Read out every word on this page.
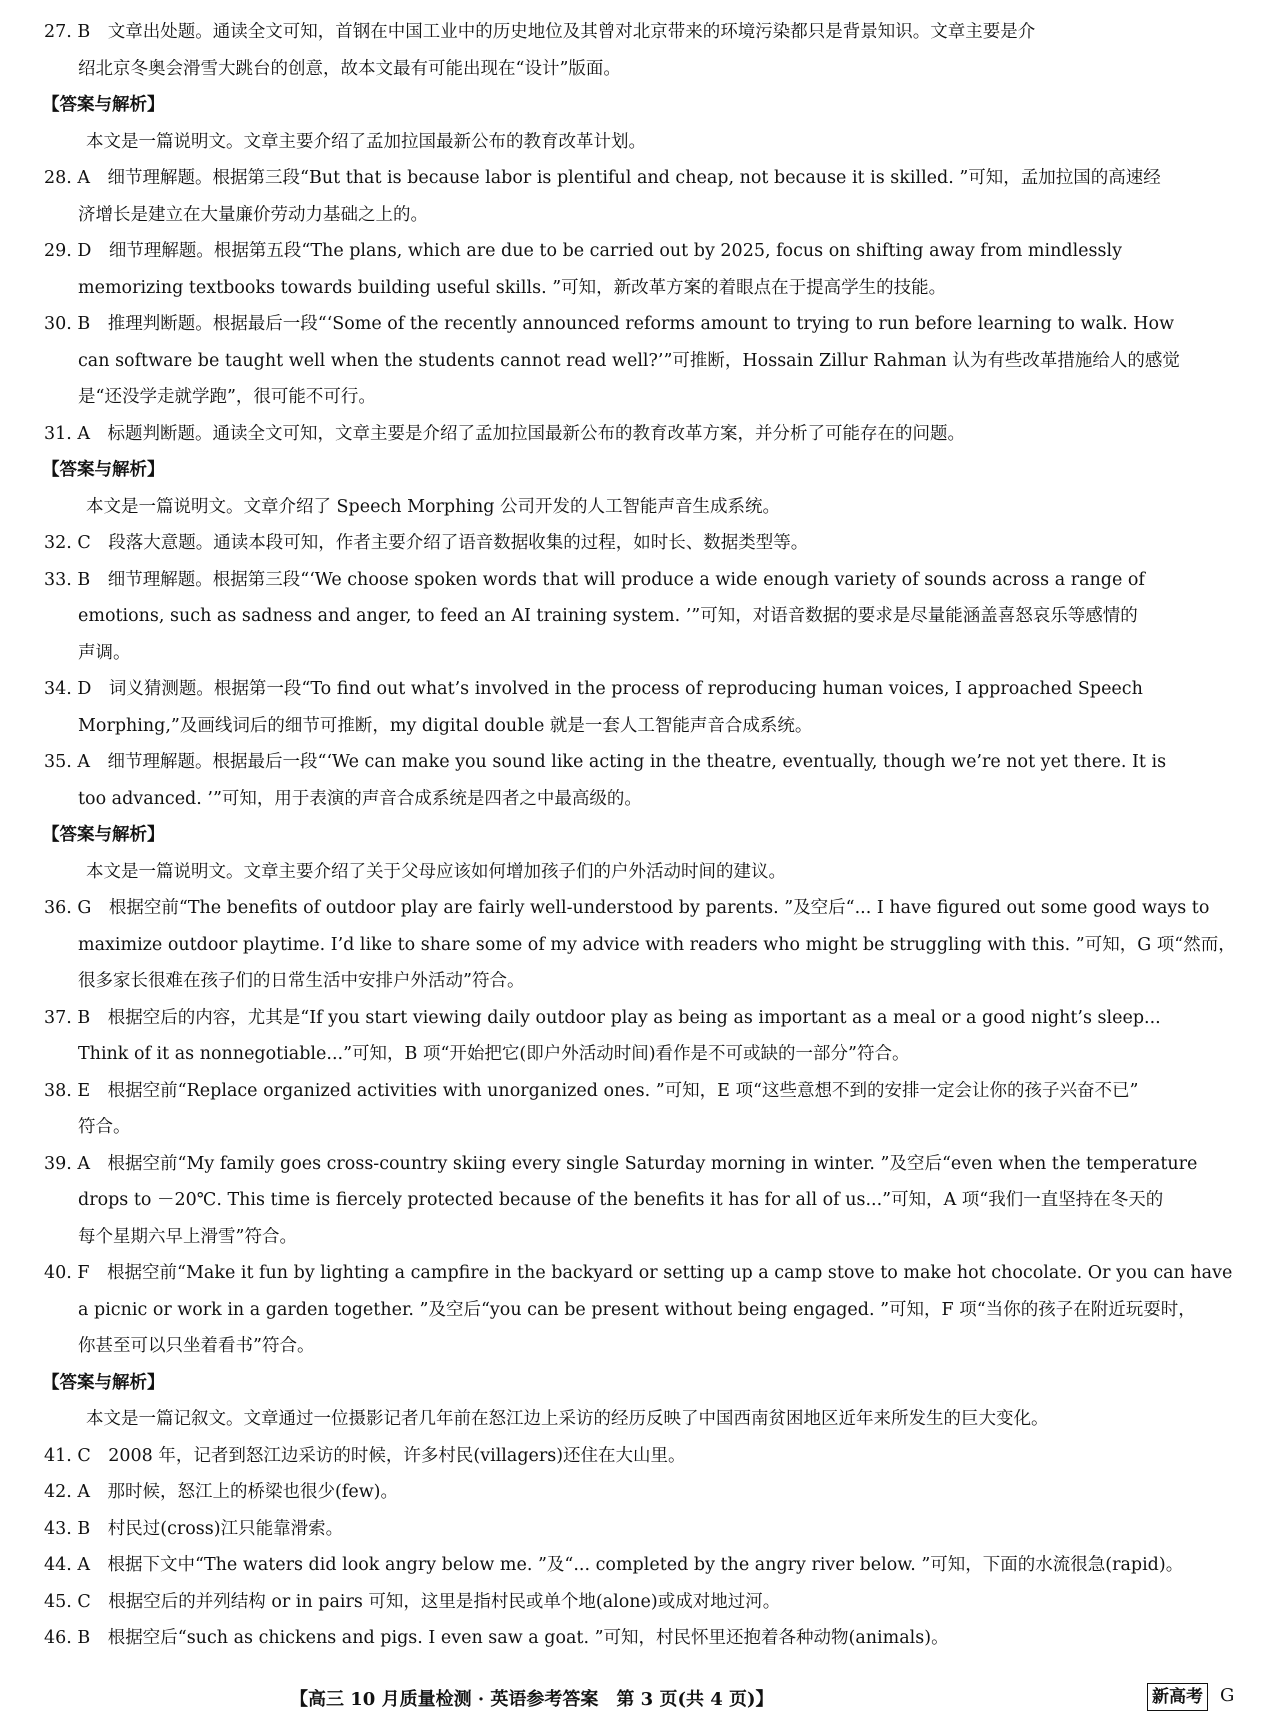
27. B　文章出处题。通读全文可知，首钢在中国工业中的历史地位及其曾对北京带来的环境污染都只是背景知识。文章主要是介
绍北京冬奥会滑雪大跳台的创意，故本文最有可能出现在“设计”版面。
【答案与解析】
本文是一篇说明文。文章主要介绍了孟加拉国最新公布的教育改革计划。
28. A　细节理解题。根据第三段“But that is because labor is plentiful and cheap, not because it is skilled. ”可知，孟加拉国的高速经
济增长是建立在大量廉价劳动力基础之上的。
29. D　细节理解题。根据第五段“The plans, which are due to be carried out by 2025, focus on shifting away from mindlessly
memorizing textbooks towards building useful skills. ”可知，新改革方案的着眼点在于提高学生的技能。
30. B　推理判断题。根据最后一段“‘Some of the recently announced reforms amount to trying to run before learning to walk. How
can software be taught well when the students cannot read well?’”可推断，Hossain Zillur Rahman 认为有些改革措施给人的感觉
是“还没学走就学跑”，很可能不可行。
31. A　标题判断题。通读全文可知，文章主要是介绍了孟加拉国最新公布的教育改革方案，并分析了可能存在的问题。
【答案与解析】
本文是一篇说明文。文章介绍了 Speech Morphing 公司开发的人工智能声音生成系统。
32. C　段落大意题。通读本段可知，作者主要介绍了语音数据收集的过程，如时长、数据类型等。
33. B　细节理解题。根据第三段“‘We choose spoken words that will produce a wide enough variety of sounds across a range of
emotions, such as sadness and anger, to feed an AI training system. ’”可知，对语音数据的要求是尽量能涵盖喜怒哀乐等感情的
声调。
34. D　词义猜测题。根据第一段“To find out what’s involved in the process of reproducing human voices, I approached Speech
Morphing,”及画线词后的细节可推断，my digital double 就是一套人工智能声音合成系统。
35. A　细节理解题。根据最后一段“‘We can make you sound like acting in the theatre, eventually, though we’re not yet there. It is
too advanced. ’”可知，用于表演的声音合成系统是四者之中最高级的。
【答案与解析】
本文是一篇说明文。文章主要介绍了关于父母应该如何增加孩子们的户外活动时间的建议。
36. G　根据空前“The benefits of outdoor play are fairly well-understood by parents. ”及空后“... I have figured out some good ways to
maximize outdoor playtime. I’d like to share some of my advice with readers who might be struggling with this. ”可知，G 项“然而，
很多家长很难在孩子们的日常生活中安排户外活动”符合。
37. B　根据空后的内容，尤其是“If you start viewing daily outdoor play as being as important as a meal or a good night’s sleep...
Think of it as nonnegotiable...”可知，B 项“开始把它(即户外活动时间)看作是不可或缺的一部分”符合。
38. E　根据空前“Replace organized activities with unorganized ones. ”可知，E 项“这些意想不到的安排一定会让你的孩子兴奋不已”
符合。
39. A　根据空前“My family goes cross-country skiing every single Saturday morning in winter. ”及空后“even when the temperature
drops to －20℃. This time is fiercely protected because of the benefits it has for all of us...”可知，A 项“我们一直坚持在冬天的
每个星期六早上滑雪”符合。
40. F　根据空前“Make it fun by lighting a campfire in the backyard or setting up a camp stove to make hot chocolate. Or you can have
a picnic or work in a garden together. ”及空后“you can be present without being engaged. ”可知，F 项“当你的孩子在附近玩耍时，
你甚至可以只坐着看书”符合。
【答案与解析】
本文是一篇记叙文。文章通过一位摄影记者几年前在怒江边上采访的经历反映了中国西南贫困地区近年来所发生的巨大变化。
41. C　2008 年，记者到怒江边采访的时候，许多村民(villagers)还住在大山里。
42. A　那时候，怒江上的桥梁也很少(few)。
43. B　村民过(cross)江只能靠滑索。
44. A　根据下文中“The waters did look angry below me. ”及“... completed by the angry river below. ”可知，下面的水流很急(rapid)。
45. C　根据空后的并列结构 or in pairs 可知，这里是指村民或单个地(alone)或成对地过河。
46. B　根据空后“such as chickens and pigs. I even saw a goat. ”可知，村民怀里还抱着各种动物(animals)。
【高三 10 月质量检测 · 英语参考答案　第 3 页(共 4 页)】	新高考 G
